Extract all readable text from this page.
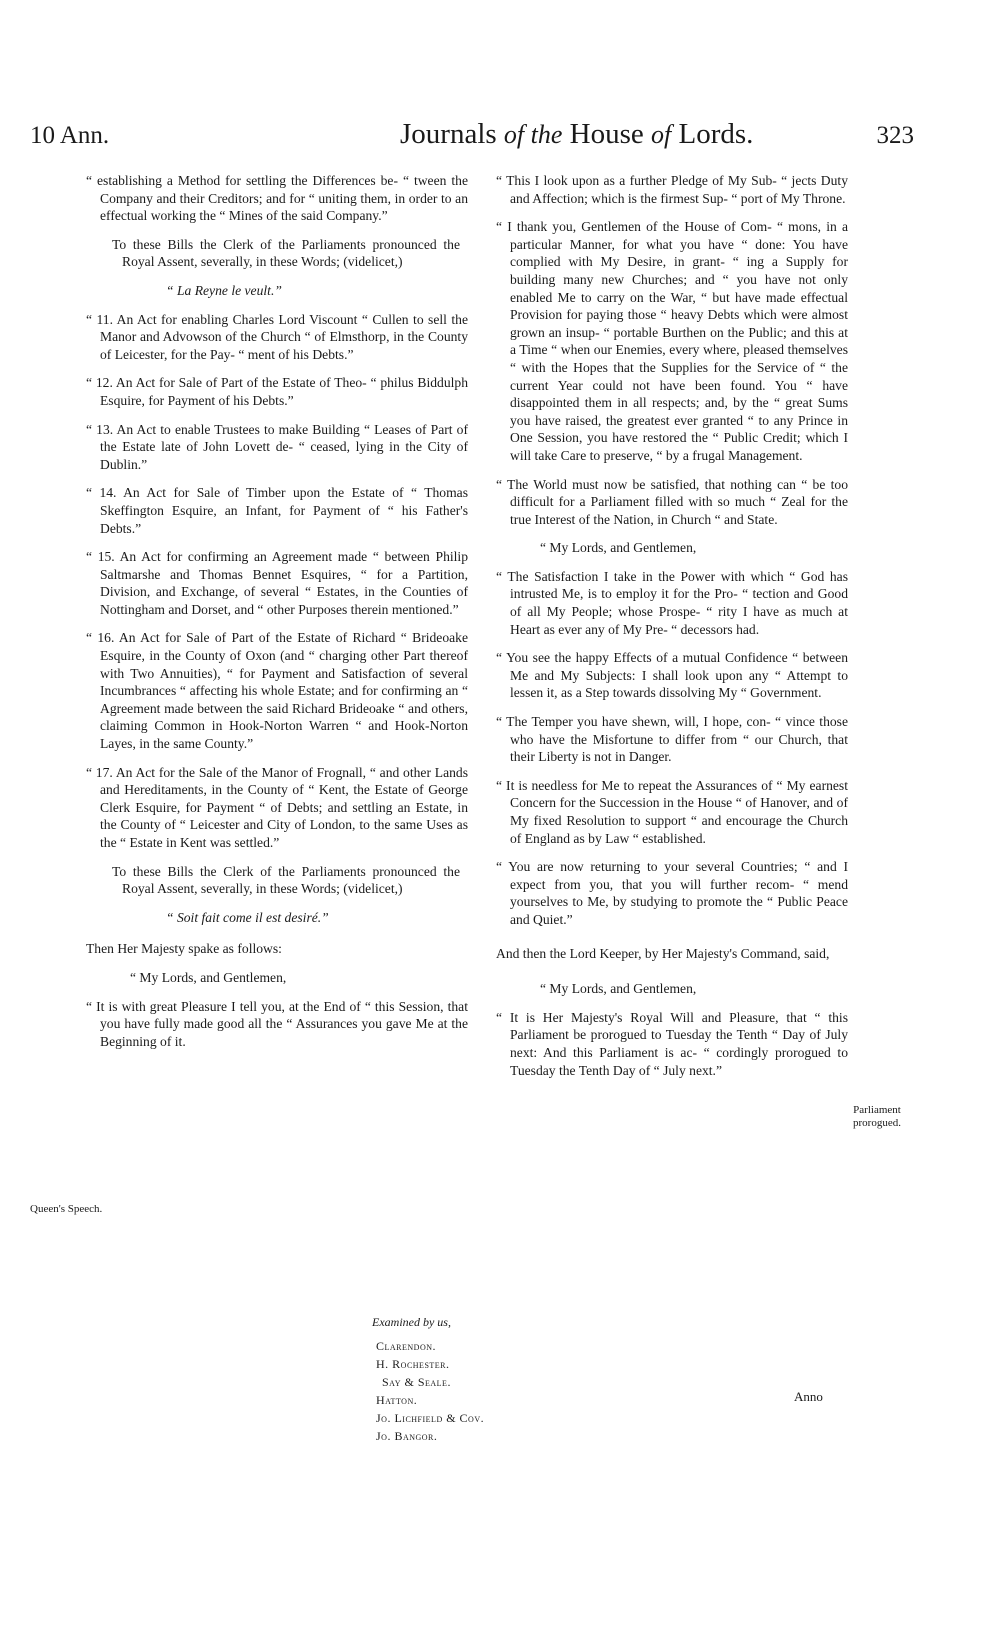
10 Ann.	Journals of the House of Lords.	323

“ establishing a Method for settling the Differences be- “ tween the Company and their Creditors; and for “ uniting them, in order to an effectual working the “ Mines of the said Company.”

To these Bills the Clerk of the Parliaments pronounced the Royal Assent, severally, in these Words; (videlicet,)

“ La Reyne le veult.”

“ 11. An Act for enabling Charles Lord Viscount “ Cullen to sell the Manor and Advowson of the Church “ of Elmsthorp, in the County of Leicester, for the Pay- “ ment of his Debts.”

“ 12. An Act for Sale of Part of the Estate of Theo- “ philus Biddulph Esquire, for Payment of his Debts.”

“ 13. An Act to enable Trustees to make Building “ Leases of Part of the Estate late of John Lovett de- “ ceased, lying in the City of Dublin.”

“ 14. An Act for Sale of Timber upon the Estate of “ Thomas Skeffington Esquire, an Infant, for Payment of “ his Father's Debts.”

“ 15. An Act for confirming an Agreement made “ between Philip Saltmarshe and Thomas Bennet Esquires, “ for a Partition, Division, and Exchange, of several “ Estates, in the Counties of Nottingham and Dorset, and “ other Purposes therein mentioned.”

“ 16. An Act for Sale of Part of the Estate of Richard “ Brideoake Esquire, in the County of Oxon (and “ charging other Part thereof with Two Annuities), “ for Payment and Satisfaction of several Incumbrances “ affecting his whole Estate; and for confirming an “ Agreement made between the said Richard Brideoake “ and others, claiming Common in Hook-Norton Warren “ and Hook-Norton Layes, in the same County.”

“ 17. An Act for the Sale of the Manor of Frognall, “ and other Lands and Hereditaments, in the County of “ Kent, the Estate of George Clerk Esquire, for Payment “ of Debts; and settling an Estate, in the County of “ Leicester and City of London, to the same Uses as the “ Estate in Kent was settled.”

To these Bills the Clerk of the Parliaments pronounced the Royal Assent, severally, in these Words; (videlicet,)

“ Soit fait come il est desiré.”

Then Her Majesty spake as follows:

“ My Lords, and Gentlemen,

“ It is with great Pleasure I tell you, at the End of “ this Session, that you have fully made good all the “ Assurances you gave Me at the Beginning of it.

“ This I look upon as a further Pledge of My Sub- “ jects Duty and Affection; which is the firmest Sup- “ port of My Throne.

“ I thank you, Gentlemen of the House of Com- “ mons, in a particular Manner, for what you have “ done: You have complied with My Desire, in grant- “ ing a Supply for building many new Churches; and “ you have not only enabled Me to carry on the War, “ but have made effectual Provision for paying those “ heavy Debts which were almost grown an insup- “ portable Burthen on the Public; and this at a Time “ when our Enemies, every where, pleased themselves “ with the Hopes that the Supplies for the Service of “ the current Year could not have been found. You “ have disappointed them in all respects; and, by the “ great Sums you have raised, the greatest ever granted “ to any Prince in One Session, you have restored the “ Public Credit; which I will take Care to preserve, “ by a frugal Management.

“ The World must now be satisfied, that nothing can “ be too difficult for a Parliament filled with so much “ Zeal for the true Interest of the Nation, in Church “ and State.

“ My Lords, and Gentlemen,

“ The Satisfaction I take in the Power with which “ God has intrusted Me, is to employ it for the Pro- “ tection and Good of all My People; whose Prospe- “ rity I have as much at Heart as ever any of My Pre- “ decessors had.

“ You see the happy Effects of a mutual Confidence “ between Me and My Subjects: I shall look upon any “ Attempt to lessen it, as a Step towards dissolving My “ Government.

“ The Temper you have shewn, will, I hope, con- “ vince those who have the Misfortune to differ from “ our Church, that their Liberty is not in Danger.

“ It is needless for Me to repeat the Assurances of “ My earnest Concern for the Succession in the House “ of Hanover, and of My fixed Resolution to support “ and encourage the Church of England as by Law “ established.

“ You are now returning to your several Countries; “ and I expect from you, that you will further recom- “ mend yourselves to Me, by studying to promote the “ Public Peace and Quiet.”

And then the Lord Keeper, by Her Majesty's Command, said,

“ My Lords, and Gentlemen,

“ It is Her Majesty's Royal Will and Pleasure, that “ this Parliament be prorogued to Tuesday the Tenth “ Day of July next: And this Parliament is ac- “ cordingly prorogued to Tuesday the Tenth Day of “ July next.”

Queen's Speech.
Parliament prorogued.
Examined by us,
Clarendon.
H. Rochester.
Say & Seale.
Hatton.
Jo. Lichfield & Cov.
Jo. Bangor.
Anno
